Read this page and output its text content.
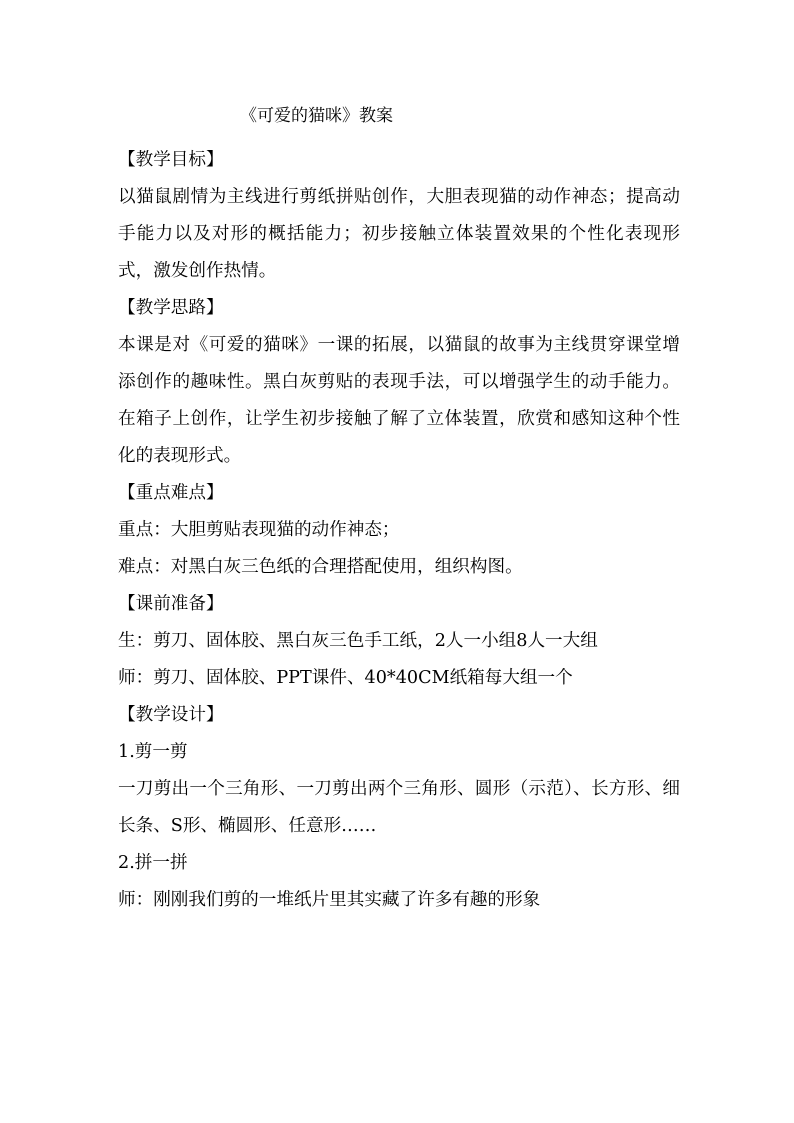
《可爱的猫咪》教案

【教学目标】

以猫鼠剧情为主线进行剪纸拼贴创作，大胆表现猫的动作神态；提高动手能力以及对形的概括能力；初步接触立体装置效果的个性化表现形式，激发创作热情。

【教学思路】

本课是对《可爱的猫咪》一课的拓展，以猫鼠的故事为主线贯穿课堂增添创作的趣味性。黑白灰剪贴的表现手法，可以增强学生的动手能力。在箱子上创作，让学生初步接触了解了立体装置，欣赏和感知这种个性化的表现形式。

【重点难点】

重点：大胆剪贴表现猫的动作神态；

难点：对黑白灰三色纸的合理搭配使用，组织构图。

【课前准备】

生：剪刀、固体胶、黑白灰三色手工纸，2人一小组8人一大组

师：剪刀、固体胶、PPT课件、40*40CM纸箱每大组一个

【教学设计】

1.剪一剪

一刀剪出一个三角形、一刀剪出两个三角形、圆形（示范）、长方形、细长条、S形、椭圆形、任意形……

2.拼一拼

师：刚刚我们剪的一堆纸片里其实藏了许多有趣的形象
